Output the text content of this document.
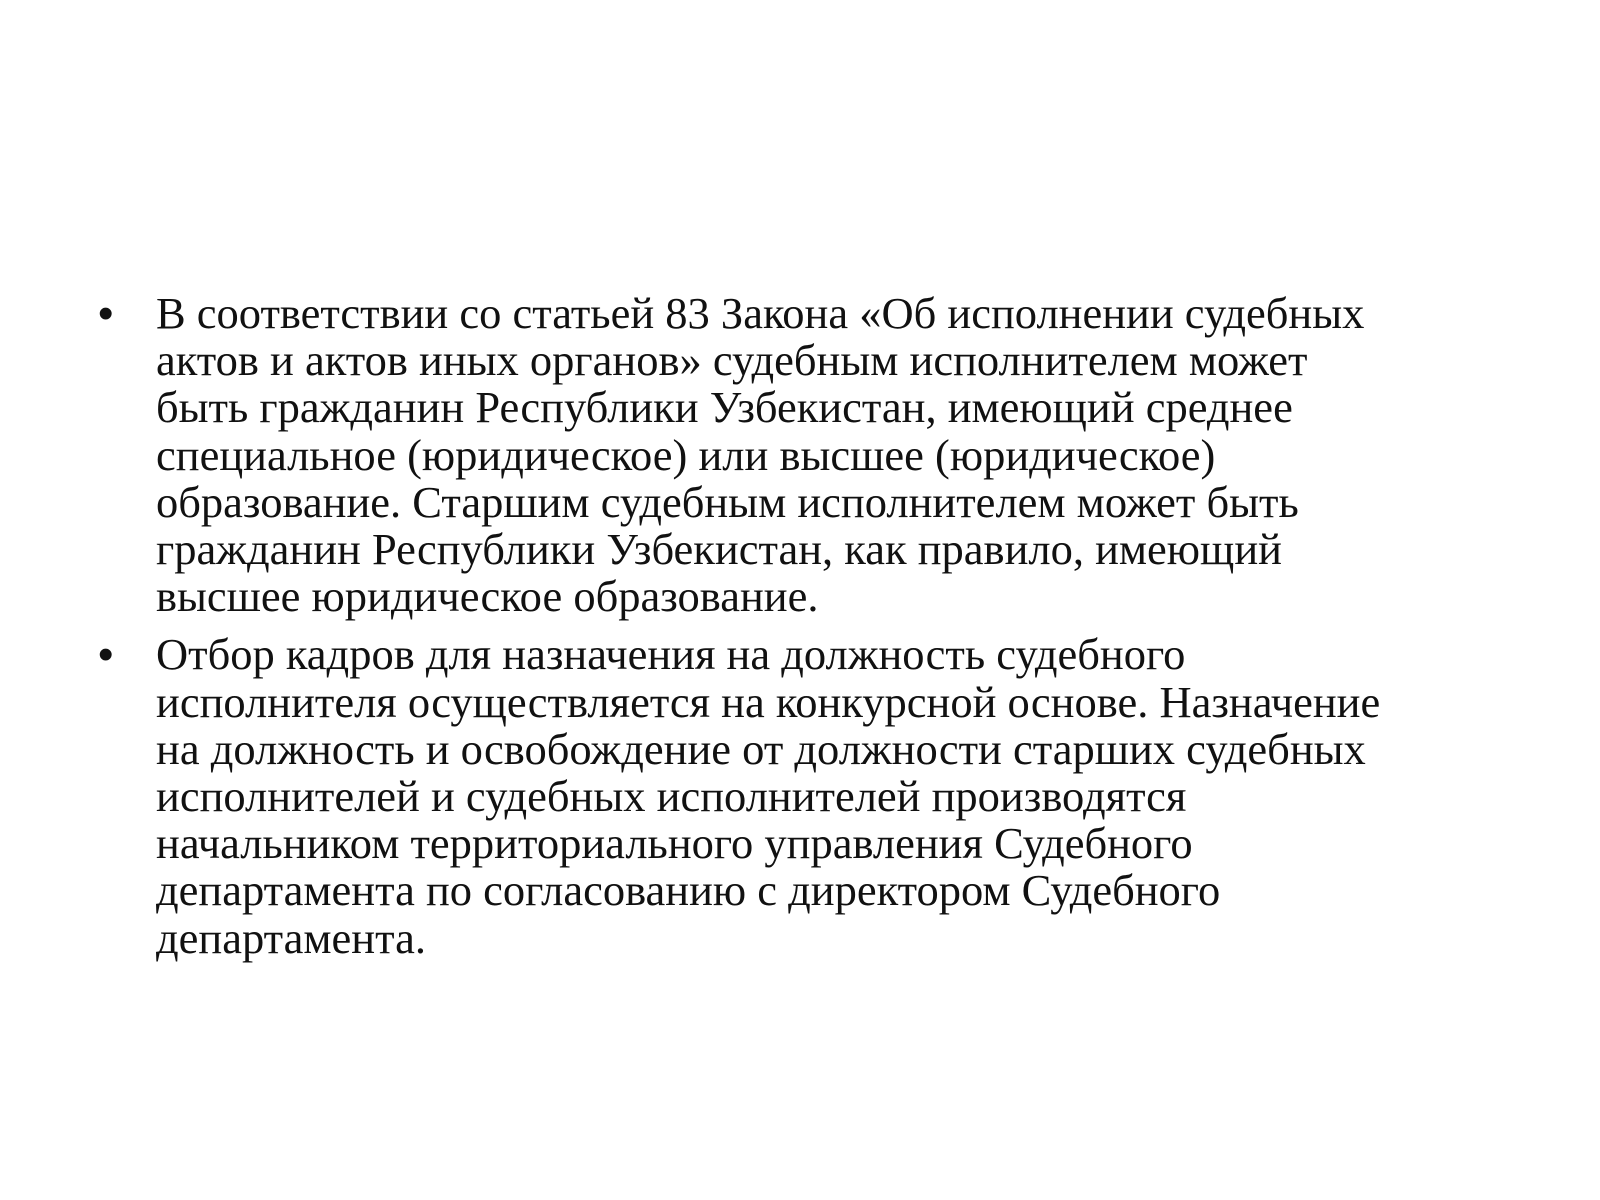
• В соответствии со статьей 83 Закона «Об исполнении судебных
актов и актов иных органов» судебным исполнителем может
быть гражданин Республики Узбекистан, имеющий среднее
специальное (юридическое) или высшее (юридическое)
образование. Старшим судебным исполнителем может быть
гражданин Республики Узбекистан, как правило, имеющий
высшее юридическое образование.
• Отбор кадров для назначения на должность судебного
исполнителя осуществляется на конкурсной основе. Назначение
на должность и освобождение от должности старших судебных
исполнителей и судебных исполнителей производятся
начальником территориального управления Судебного
департамента по согласованию с директором Судебного
департамента.
